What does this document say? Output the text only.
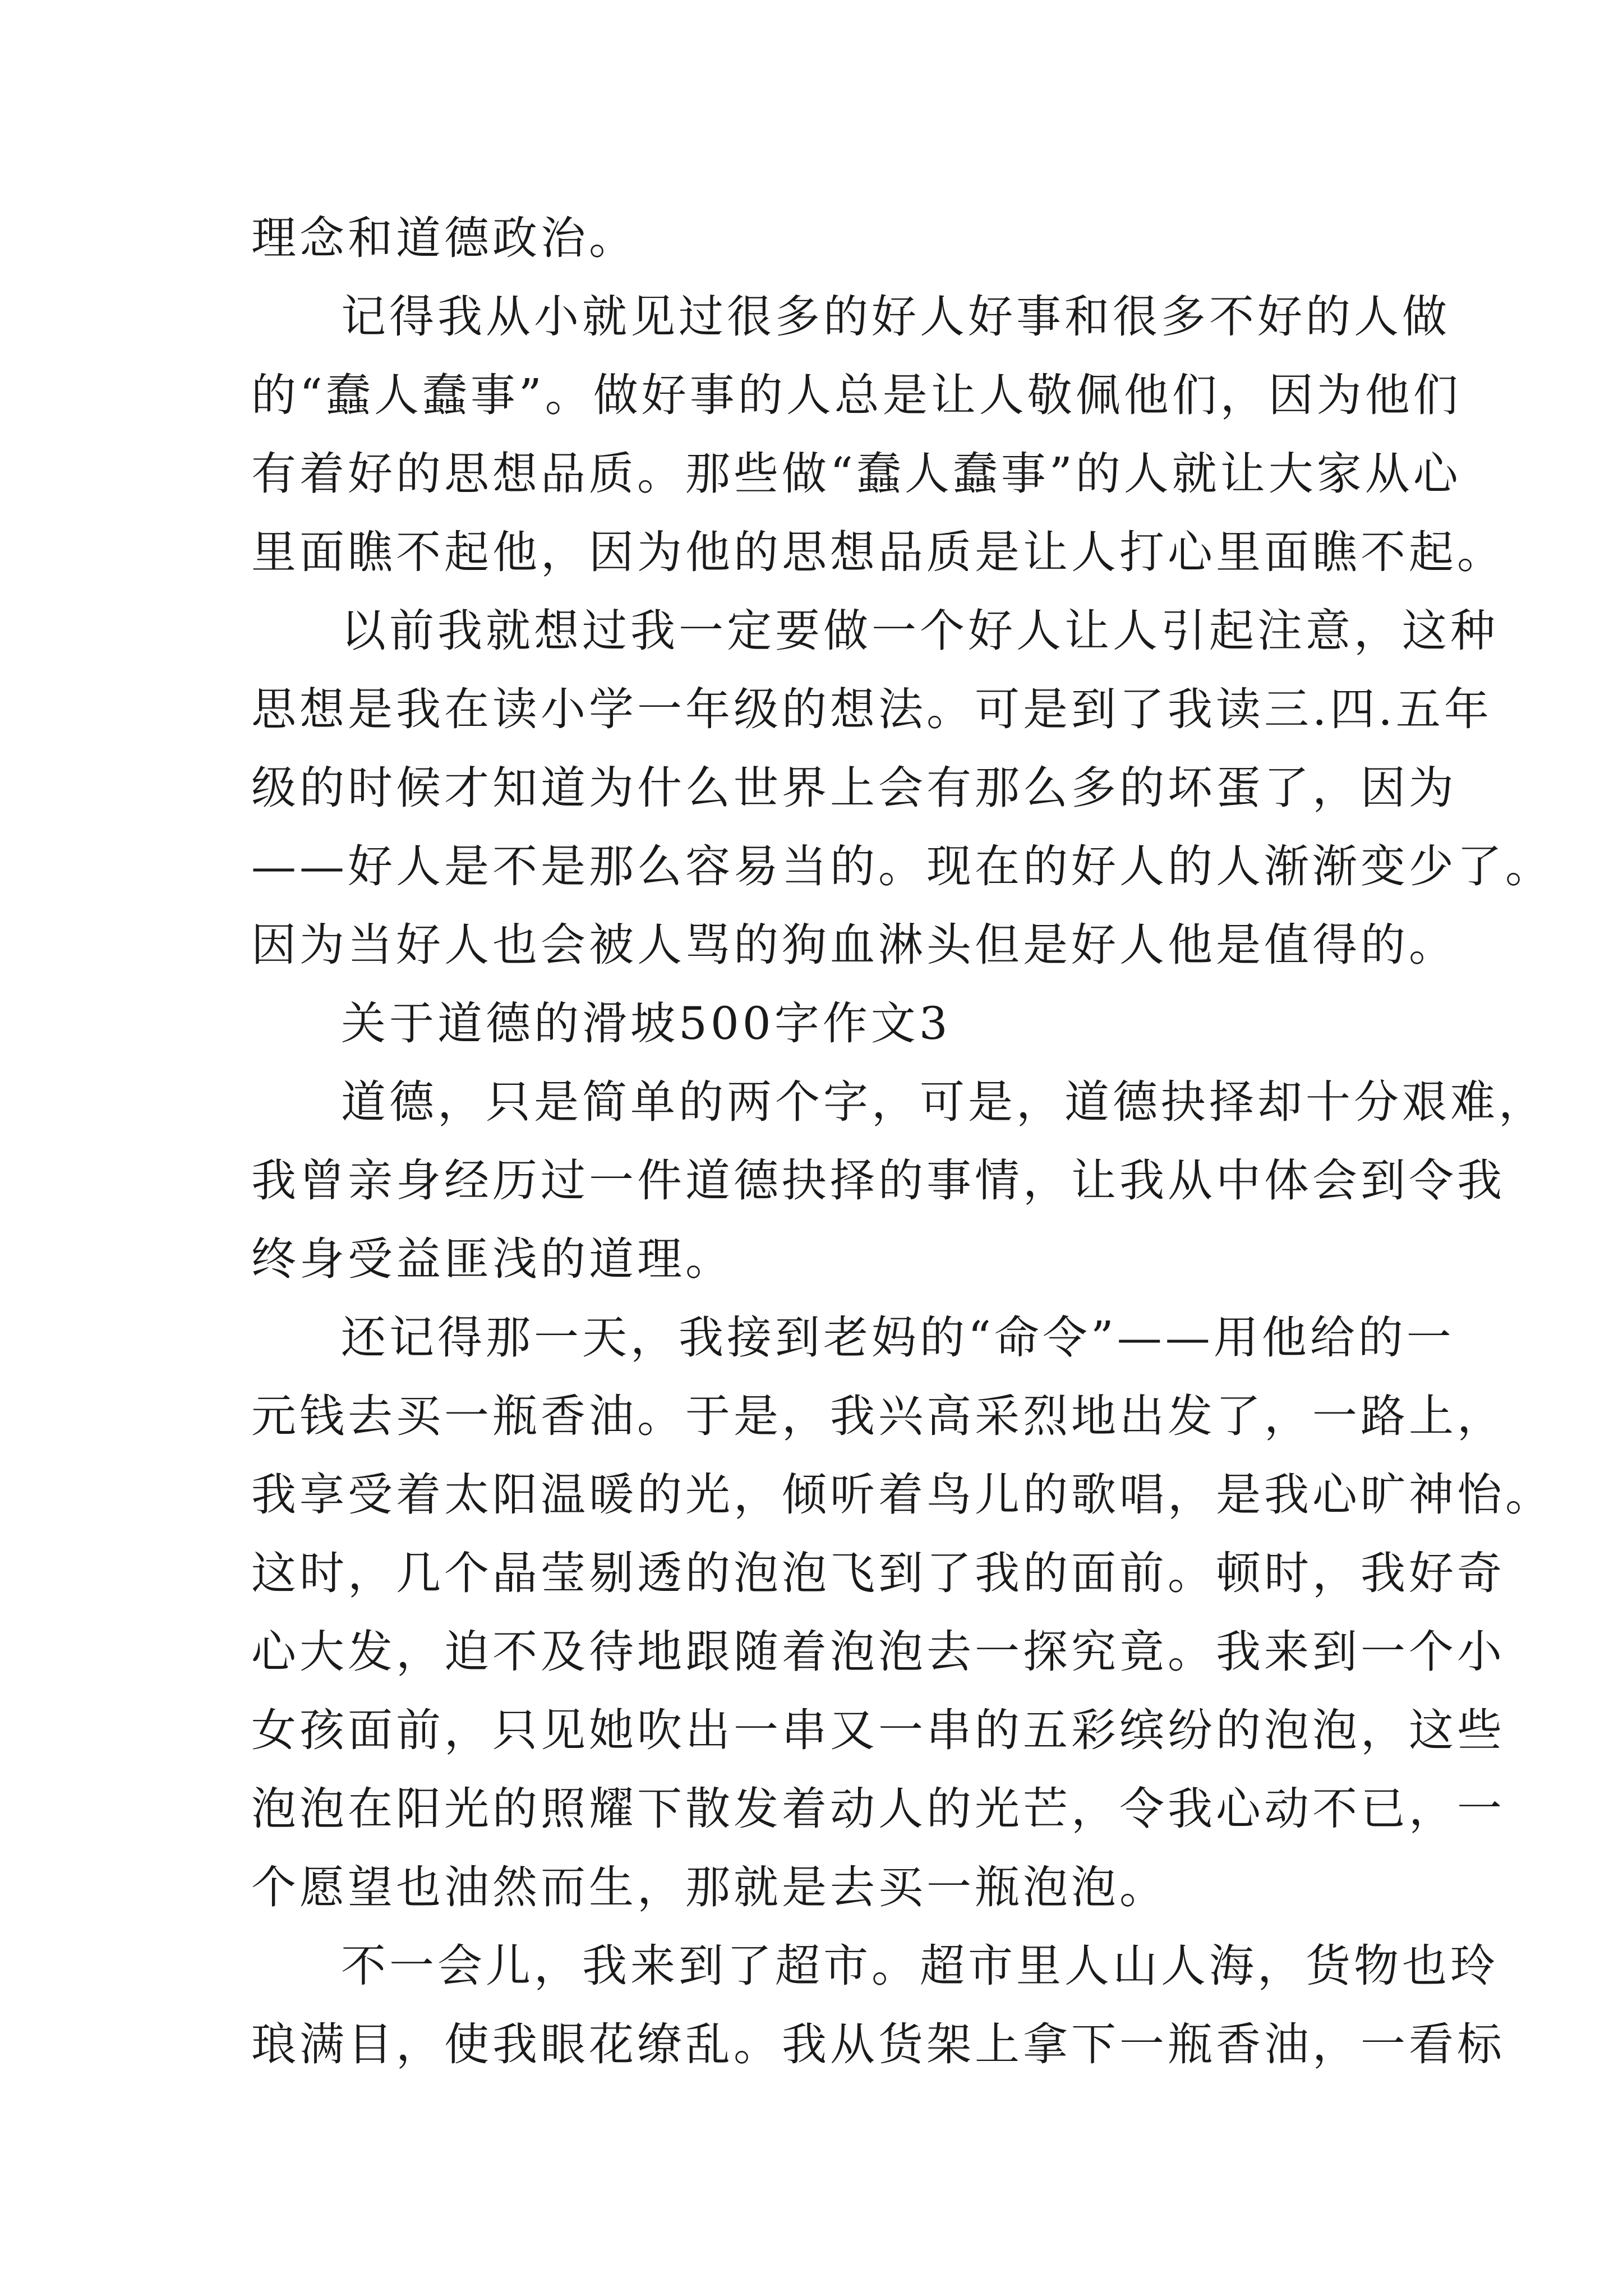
理念和道德政治。
记得我从小就见过很多的好人好事和很多不好的人做
的“蠢人蠢事”。做好事的人总是让人敬佩他们，因为他们
有着好的思想品质。那些做“蠢人蠢事”的人就让大家从心
里面瞧不起他，因为他的思想品质是让人打心里面瞧不起。
以前我就想过我一定要做一个好人让人引起注意，这种
思想是我在读小学一年级的想法。可是到了我读三.四.五年
级的时候才知道为什么世界上会有那么多的坏蛋了，因为
——好人是不是那么容易当的。现在的好人的人渐渐变少了。
因为当好人也会被人骂的狗血淋头但是好人他是值得的。
关于道德的滑坡500字作文3
道德，只是简单的两个字，可是，道德抉择却十分艰难，
我曾亲身经历过一件道德抉择的事情，让我从中体会到令我
终身受益匪浅的道理。
还记得那一天，我接到老妈的“命令”——用他给的一
元钱去买一瓶香油。于是，我兴高采烈地出发了，一路上，
我享受着太阳温暖的光，倾听着鸟儿的歌唱，是我心旷神怡。
这时，几个晶莹剔透的泡泡飞到了我的面前。顿时，我好奇
心大发，迫不及待地跟随着泡泡去一探究竟。我来到一个小
女孩面前，只见她吹出一串又一串的五彩缤纷的泡泡，这些
泡泡在阳光的照耀下散发着动人的光芒，令我心动不已，一
个愿望也油然而生，那就是去买一瓶泡泡。
不一会儿，我来到了超市。超市里人山人海，货物也玲
琅满目，使我眼花缭乱。我从货架上拿下一瓶香油，一看标
